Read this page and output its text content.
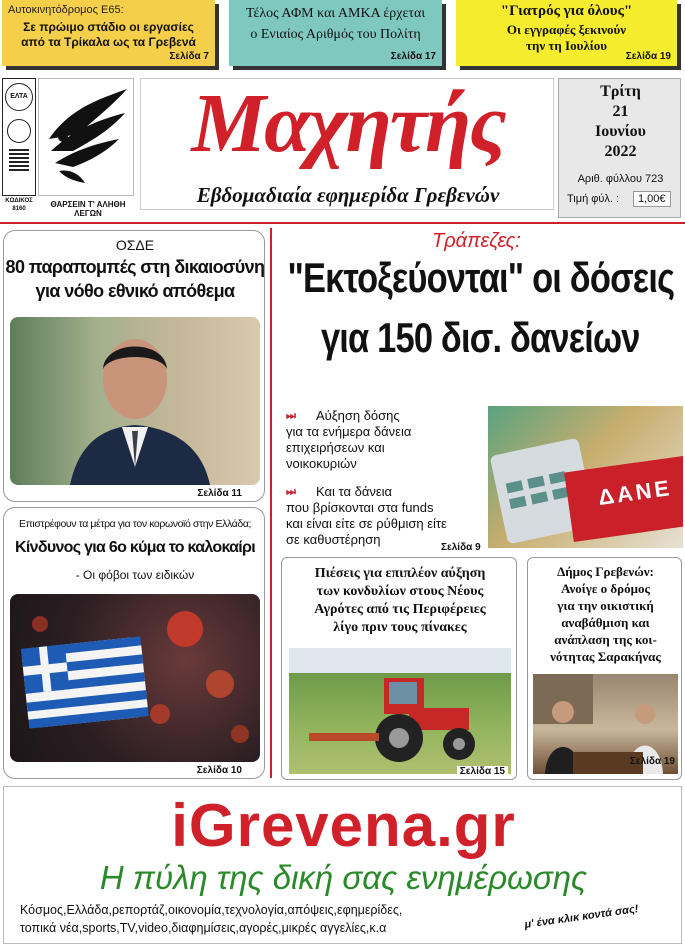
Αυτοκινητόδρομος Ε65:
Σε πρώιμο στάδιο οι εργασίες
από τα Τρίκαλα ως τα Γρεβενά
Σελίδα 7
Τέλος ΑΦΜ και ΑΜΚΑ έρχεται
ο Ενιαίος Αριθμός του Πολίτη
Σελίδα 17
"Γιατρός για όλους"
Οι εγγραφές ξεκινούν
την τη Ιουλίου
Σελίδα 19
ΕΛΤΑ
ΚΩΔΙΚΟΣ
8160	ΘΑΡΣΕΙΝ Τ' ΑΛΗΘΗ ΛΕΓΩΝ
Μαχητής
Εβδομαδιαία εφημερίδα Γρεβενών
Τρίτη
21
Ιουνίου
2022
Αριθ. φύλλου 723
Τιμή φύλ. :	1,00€
ΟΣΔΕ
80 παραπομπές στη δικαιοσύνη
για νόθο εθνικό απόθεμα
Σελίδα 11
Επιστρέφουν τα μέτρα για τον κορωνοϊό στην Ελλάδα;
Κίνδυνος για 6ο κύμα το καλοκαίρι
- Οι φόβοι των ειδικών
Σελίδα 10
Τράπεζες:
"Εκτοξεύονται" οι δόσεις
για 150 δισ. δανείων
⏭	Αύξηση δόσης
για τα ενήμερα δάνεια
επιχειρήσεων και
νοικοκυριών
⏭	Και τα δάνεια
που βρίσκονται στα funds
και είναι είτε σε ρύθμιση είτε
σε καθυστέρηση
ΔΑΝΕ
Σελίδα 9
Πιέσεις για επιπλέον αύξηση
των κονδυλίων στους Νέους
Αγρότες από τις Περιφέρειες
λίγο πριν τους πίνακες
Σελίδα 15
Δήμος Γρεβενών:
Ανοίγε ο δρόμος
για την οικιστική
αναβάθμιση και
ανάπλαση της κοι-
νότητας Σαρακήνας
Σελίδα 19
iGrevena.gr
Η πύλη της δική σας ενημέρωσης
Κόσμος,Ελλάδα,ρεπορτάζ,οικονομία,τεχνολογία,απόψεις,εφημερίδες,
τοπικά νέα,sports,TV,video,διαφημίσεις,αγορές,μικρές αγγελίες,κ.α	μ' ένα κλικ κοντά σας!
